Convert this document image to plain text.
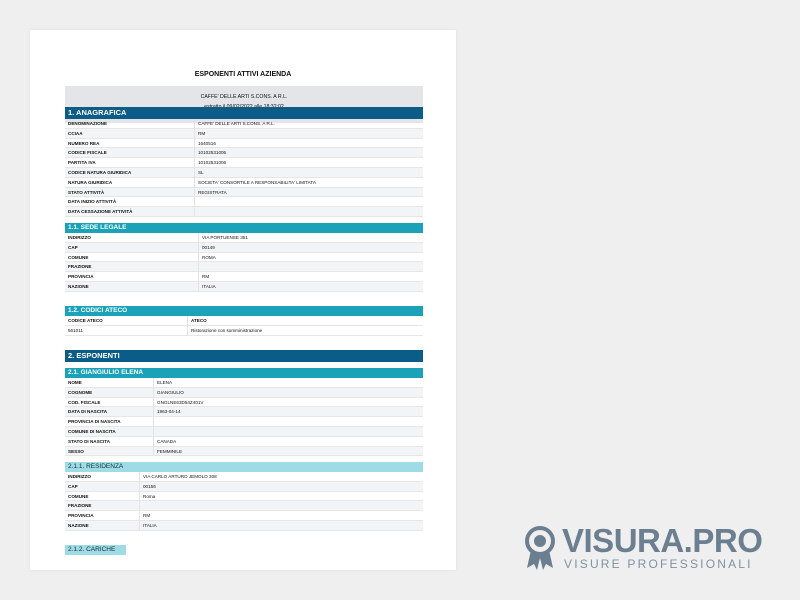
ESPONENTI ATTIVI AZIENDA
CAFFE' DELLE ARTI S.CONS. A R.L.
1. ANAGRAFICA
DENOMINAZIONE	CAFFE' DELLE ARTI S.CONS. A R.L.
CCIAA	RM
NUMERO REA	1640516
CODICE FISCALE	10102531006
PARTITA IVA	10102531006
CODICE NATURA GIURIDICA	SL
NATURA GIURIDICA	SOCIETA' CONSORTILE A RESPONSABILITA' LIMITATA
STATO ATTIVITÀ	REGISTRATA
DATA INIZIO ATTIVITÀ
DATA CESSAZIONE ATTIVITÀ
1.1. SEDE LEGALE
INDIRIZZO	VIA PORTUENSE 351
CAP	00149
COMUNE	ROMA
FRAZIONE
PROVINCIA	RM
NAZIONE	ITALIA
1.2. CODICI ATECO
CODICE ATECO	ATECO
561011	Ristorazione con somministrazione
2. ESPONENTI
2.1. GIANGIULIO ELENA
NOME	ELENA
COGNOME	GIANGIULIO
COD. FISCALE	GNGLNE63D54Z401V
DATA DI NASCITA	1963-04-14
PROVINCIA DI NASCITA
COMUNE DI NASCITA
STATO DI NASCITA	CANADA
SESSO	FEMMINILE
2.1.1. RESIDENZA
INDIRIZZO	VIA CARLO ARTURO JEMOLO 308
CAP	00156
COMUNE	Roma
FRAZIONE
PROVINCIA	RM
NAZIONE	ITALIA
2.1.2. CARICHE	VISURA.PRO
VISURE PROFESSIONALI
